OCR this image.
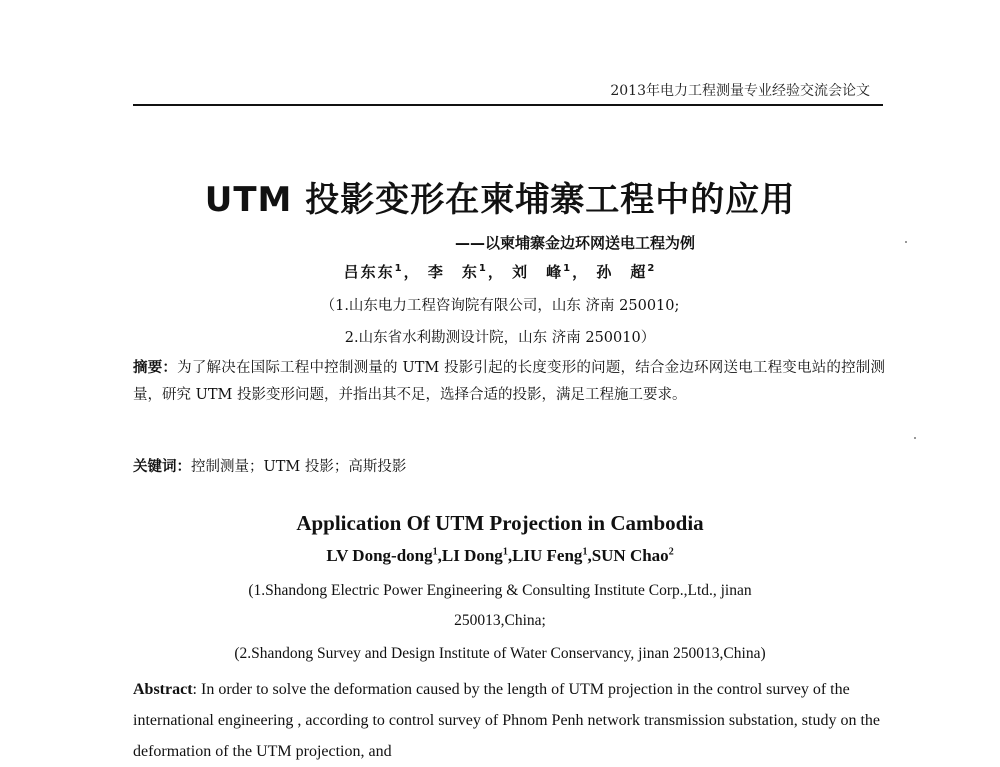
2013年电力工程测量专业经验交流会论文
UTM 投影变形在柬埔寨工程中的应用
——以柬埔寨金边环网送电工程为例
吕东东$^1$， 李　东$^1$， 刘　峰$^1$， 孙　超$^2$
（1.山东电力工程咨询院有限公司，山东 济南 250010;
2.山东省水利勘测设计院，山东 济南 250010）
摘要：为了解决在国际工程中控制测量的 UTM 投影引起的长度变形的问题，结合金边环网送电工程变电站的控制测量，研究 UTM 投影变形问题，并指出其不足，选择合适的投影，满足工程施工要求。
关键词：控制测量；UTM 投影；高斯投影
Application Of UTM Projection in Cambodia
LV Dong-dong$^1$,LI Dong$^1$,LIU Feng$^1$,SUN Chao$^2$
(1.Shandong Electric Power Engineering & Consulting Institute Corp.,Ltd., jinan
250013,China;
(2.Shandong Survey and Design Institute of Water Conservancy, jinan 250013,China)
Abstract: In order to solve the deformation caused by the length of UTM projection in the control survey of the international engineering , according to control survey of Phnom Penh network transmission substation, study on the deformation of the UTM projection, and
